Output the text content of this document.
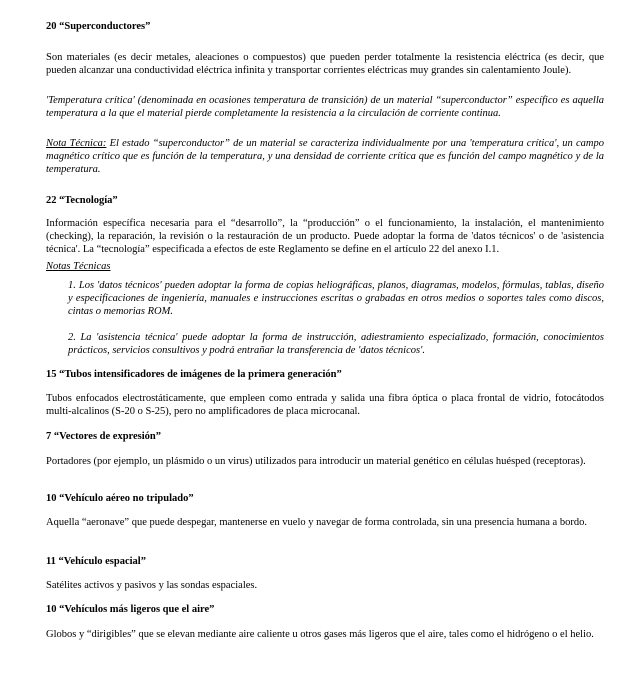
20 “Superconductores”

Son materiales (es decir metales, aleaciones o compuestos) que pueden perder totalmente la resistencia eléctrica (es decir, que pueden alcanzar una conductividad eléctrica infinita y transportar corrientes eléctricas muy grandes sin calentamiento Joule).

'Temperatura crítica' (denominada en ocasiones temperatura de transición) de un material “superconductor” específico es aquella temperatura a la que el material pierde completamente la resistencia a la circulación de corriente continua.

Nota Técnica: El estado “superconductor” de un material se caracteriza individualmente por una 'temperatura crítica', un campo magnético crítico que es función de la temperatura, y una densidad de corriente crítica que es función del campo magnético y de la temperatura.

22 “Tecnología”

Información específica necesaria para el “desarrollo”, la “producción” o el funcionamiento, la instalación, el mantenimiento (checking), la reparación, la revisión o la restauración de un producto. Puede adoptar la forma de 'datos técnicos' o de 'asistencia técnica'. La “tecnología” especificada a efectos de este Reglamento se define en el artículo 22 del anexo I.1.

Notas Técnicas

1. Los 'datos técnicos' pueden adoptar la forma de copias heliográficas, planos, diagramas, modelos, fórmulas, tablas, diseño y especificaciones de ingeniería, manuales e instrucciones escritas o grabadas en otros medios o soportes tales como discos, cintas o memorias ROM.

2. La 'asistencia técnica' puede adoptar la forma de instrucción, adiestramiento especializado, formación, conocimientos prácticos, servicios consultivos y podrá entrañar la transferencia de 'datos técnicos'.

15 “Tubos intensificadores de imágenes de la primera generación”

Tubos enfocados electrostáticamente, que empleen como entrada y salida una fibra óptica o placa frontal de vidrio, fotocátodos multi-alcalinos (S-20 o S-25), pero no amplificadores de placa microcanal.

7 “Vectores de expresión”

Portadores (por ejemplo, un plásmido o un virus) utilizados para introducir un material genético en células huésped (receptoras).

10 “Vehículo aéreo no tripulado”

Aquella “aeronave” que puede despegar, mantenerse en vuelo y navegar de forma controlada, sin una presencia humana a bordo.

11 “Vehículo espacial”

Satélites activos y pasivos y las sondas espaciales.

10 “Vehículos más ligeros que el aire”

Globos y “dirigibles” que se elevan mediante aire caliente u otros gases más ligeros que el aire, tales como el hidrógeno o el helio.
